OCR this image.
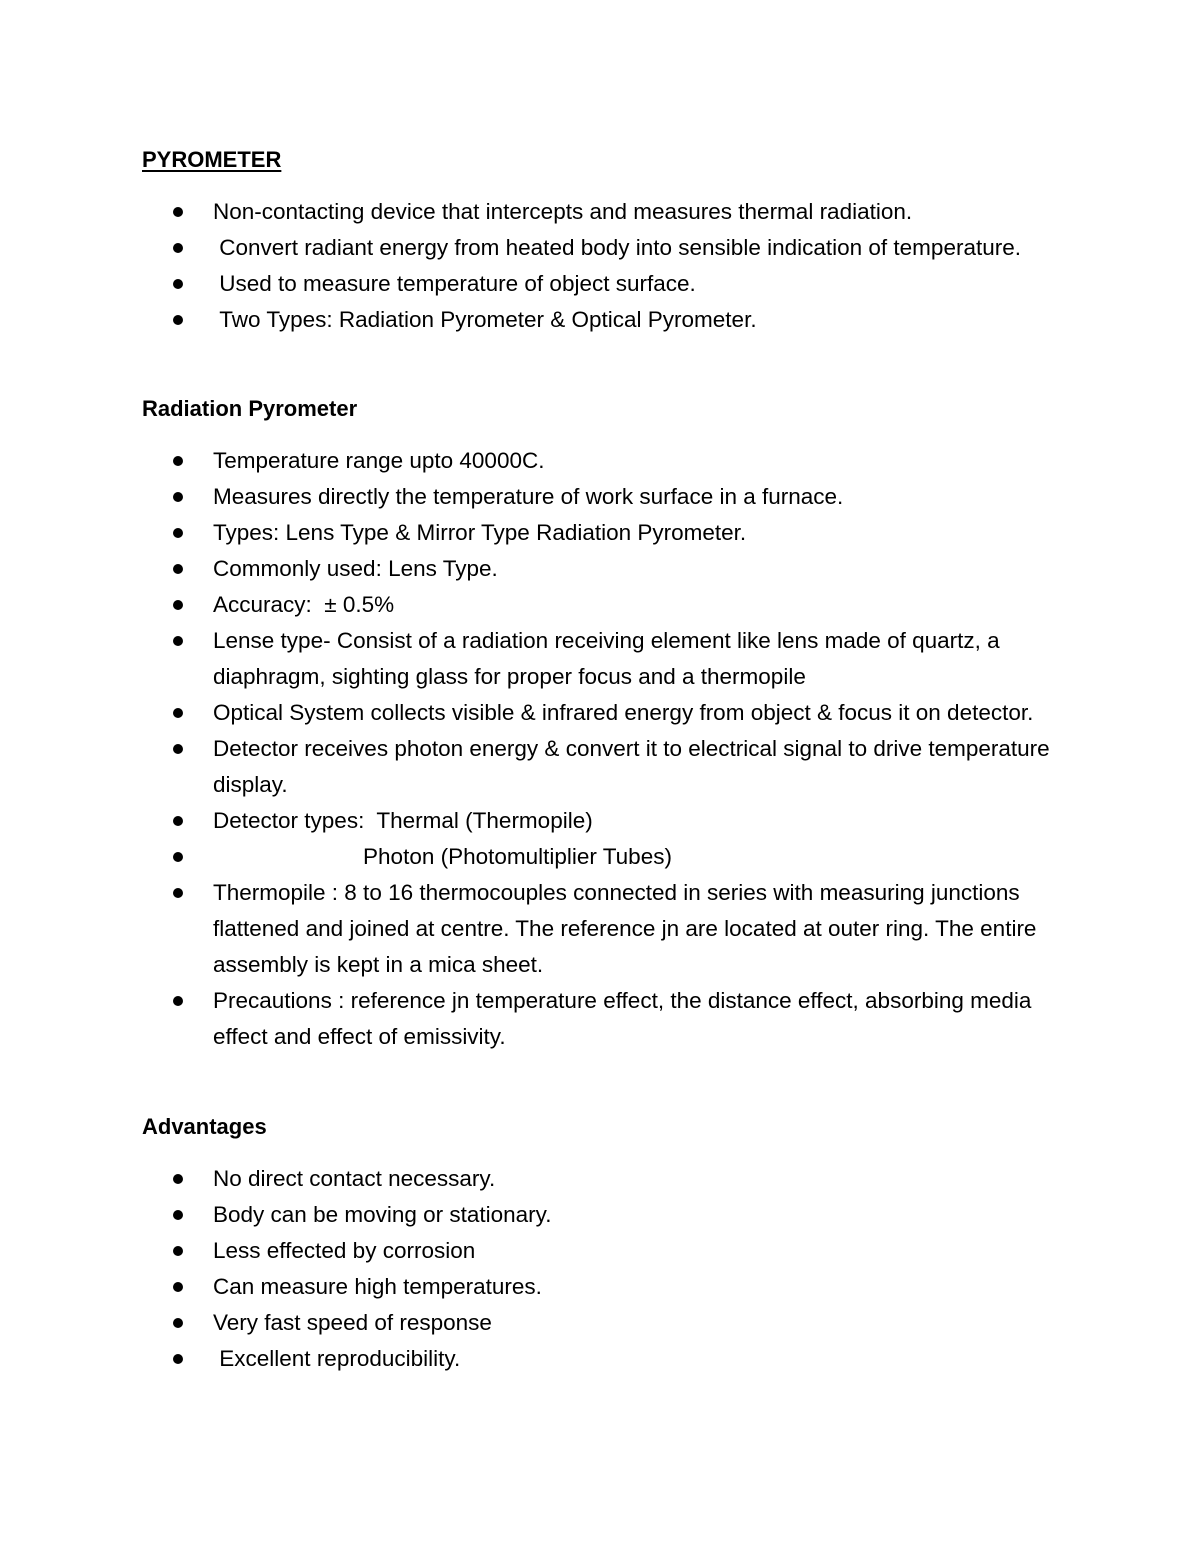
PYROMETER
Non-contacting device that intercepts and measures thermal radiation.
Convert radiant energy from heated body into sensible indication of temperature.
Used to measure temperature of object surface.
Two Types: Radiation Pyrometer & Optical Pyrometer.
Radiation Pyrometer
Temperature range upto 40000C.
Measures directly the temperature of work surface in a furnace.
Types: Lens Type & Mirror Type Radiation Pyrometer.
Commonly used: Lens Type.
Accuracy:  ± 0.5%
Lense type- Consist of a radiation receiving element like lens made of quartz, a diaphragm, sighting glass for proper focus and a thermopile
Optical System collects visible & infrared energy from object & focus it on detector.
Detector receives photon energy & convert it to electrical signal to drive temperature display.
Detector types:  Thermal (Thermopile)
Photon (Photomultiplier Tubes)
Thermopile : 8 to 16 thermocouples connected in series with measuring junctions flattened and joined at centre. The reference jn are located at outer ring. The entire assembly is kept in a mica sheet.
Precautions : reference jn temperature effect, the distance effect, absorbing media effect and effect of emissivity.
Advantages
No direct contact necessary.
Body can be moving or stationary.
Less effected by corrosion
Can measure high temperatures.
Very fast speed of response
Excellent reproducibility.
